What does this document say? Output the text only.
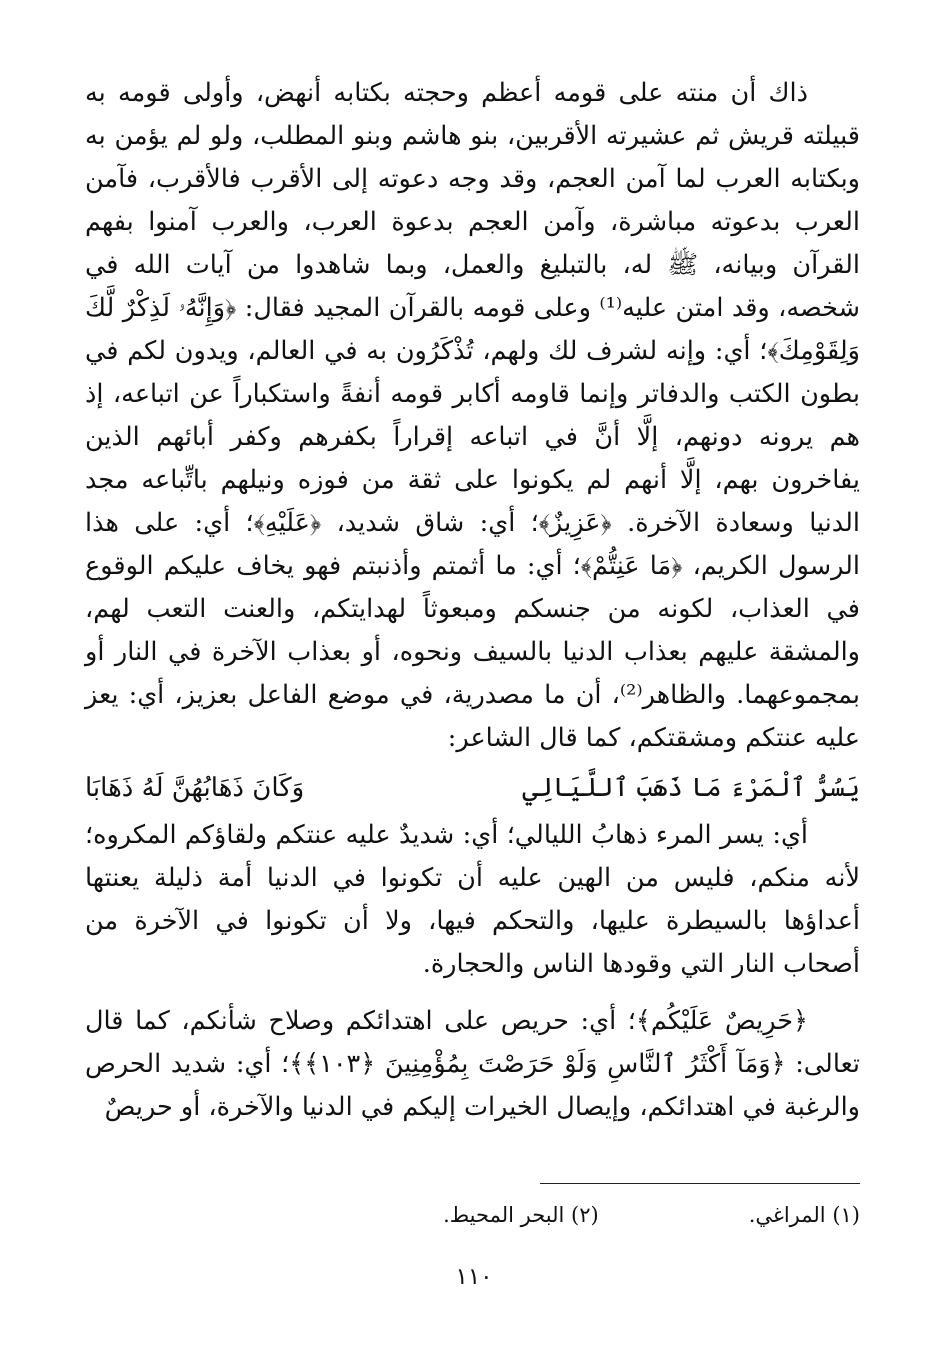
ذاك أن منته على قومه أعظم وحجته بكتابه أنهض، وأولى قومه به قبيلته قريش ثم عشيرته الأقربين، بنو هاشم وبنو المطلب، ولو لم يؤمن به وبكتابه العرب لما آمن العجم، وقد وجه دعوته إلى الأقرب فالأقرب، فآمن العرب بدعوته مباشرة، وآمن العجم بدعوة العرب، والعرب آمنوا بفهم القرآن وبيانه، ﷺ له، بالتبليغ والعمل، وبما شاهدوا من آيات الله في شخصه، وقد امتن عليه⁽¹⁾ وعلى قومه بالقرآن المجيد فقال: ﴿وَإِنَّهُۥ لَذِكْرٌ لَّكَ وَلِقَوْمِكَ﴾؛ أي: وإنه لشرف لك ولهم، تُذْكَرُون به في العالم، ويدون لكم في بطون الكتب والدفاتر وإنما قاومه أكابر قومه أنفةً واستكباراً عن اتباعه، إذ هم يرونه دونهم، إلَّا أنَّ في اتباعه إقراراً بكفرهم وكفر أبائهم الذين يفاخرون بهم، إلَّا أنهم لم يكونوا على ثقة من فوزه ونيلهم باتِّباعه مجد الدنيا وسعادة الآخرة. ﴿عَزِيزٌ﴾؛ أي: شاق شديد، ﴿عَلَيْهِ﴾؛ أي: على هذا الرسول الكريم، ﴿مَا عَنِتُّمْ﴾؛ أي: ما أثمتم وأذنبتم فهو يخاف عليكم الوقوع في العذاب، لكونه من جنسكم ومبعوثاً لهدايتكم، والعنت التعب لهم، والمشقة عليهم بعذاب الدنيا بالسيف ونحوه، أو بعذاب الآخرة في النار أو بمجموعهما. والظاهر⁽²⁾، أن ما مصدرية، في موضع الفاعل بعزيز، أي: يعز عليه عنتكم ومشقتكم، كما قال الشاعر:

يَسُرُّ ٱلْمَرْءَ مَا ذَهَبَ ٱللَّيَالِي
وَكَانَ ذَهَابُهُنَّ لَهُ ذَهَابَا

أي: يسر المرء ذهابُ الليالي؛ أي: شديدٌ عليه عنتكم ولقاؤكم المكروه؛ لأنه منكم، فليس من الهين عليه أن تكونوا في الدنيا أمة ذليلة يعنتها أعداؤها بالسيطرة عليها، والتحكم فيها، ولا أن تكونوا في الآخرة من أصحاب النار التي وقودها الناس والحجارة.

﴿حَرِيصٌ عَلَيْكُم﴾؛ أي: حريص على اهتدائكم وصلاح شأنكم، كما قال تعالى: ﴿وَمَآ أَكْثَرُ ٱلنَّاسِ وَلَوْ حَرَصْتَ بِمُؤْمِنِينَ ﴿١٠٣﴾﴾؛ أي: شديد الحرص والرغبة في اهتدائكم، وإيصال الخيرات إليكم في الدنيا والآخرة، أو حريصٌ

(١) المراغي.
(٢) البحر المحيط.
١١٠
